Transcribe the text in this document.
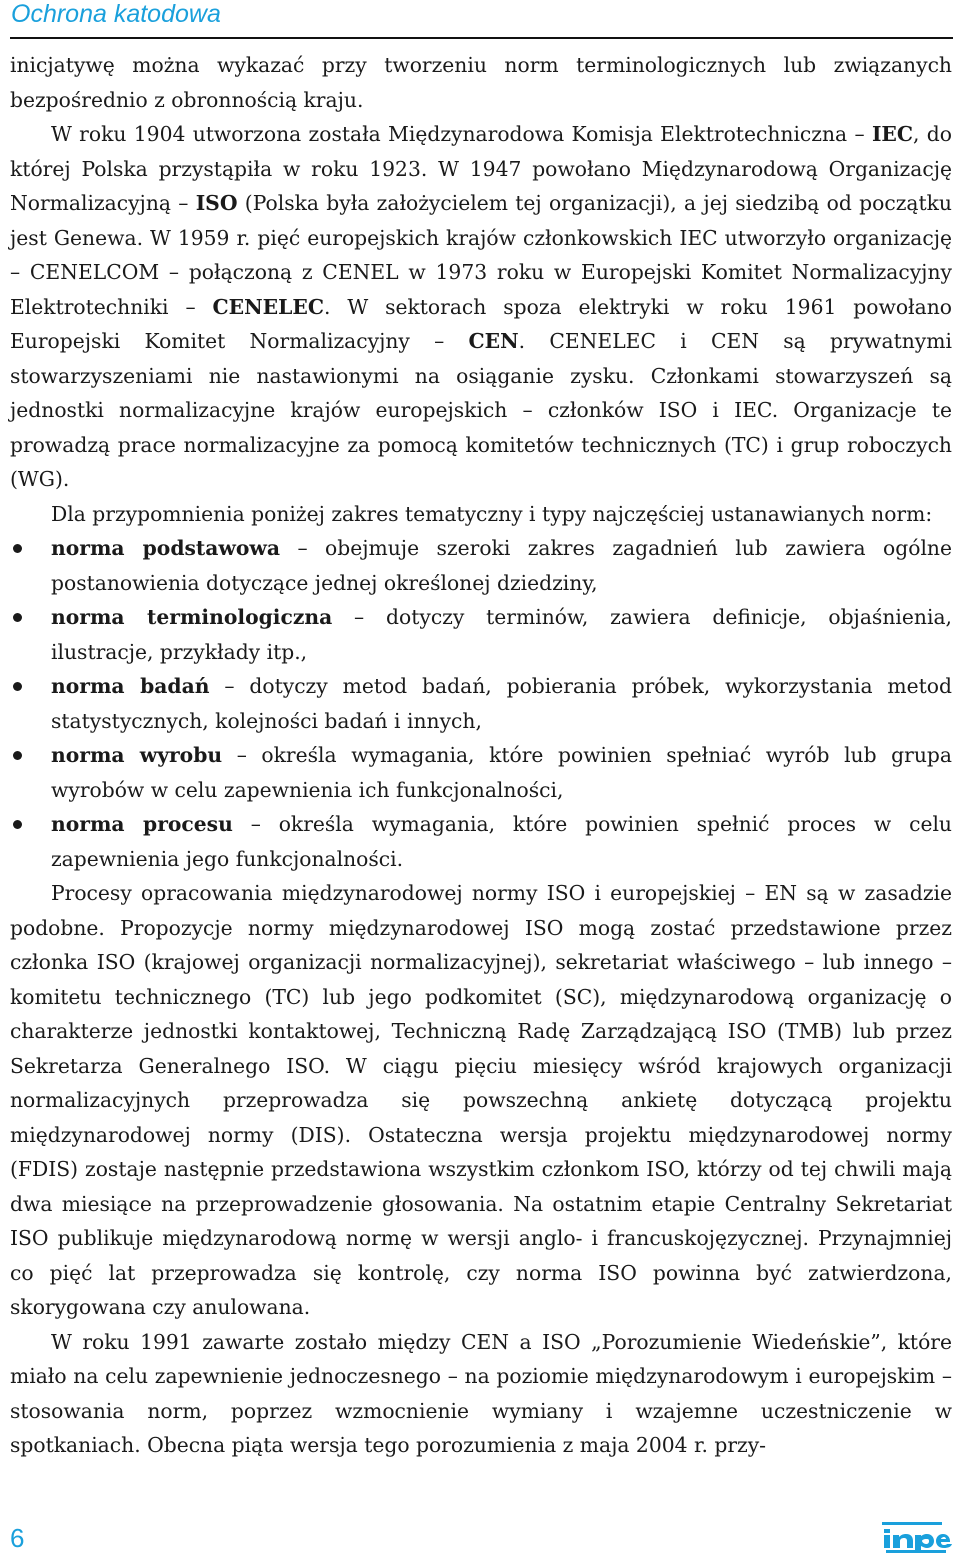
Ochrona katodowa

inicjatywę można wykazać przy tworzeniu norm terminologicznych lub związanych bezpośrednio z obronnością kraju.

W roku 1904 utworzona została Międzynarodowa Komisja Elektrotechniczna – IEC, do której Polska przystąpiła w roku 1923. W 1947 powołano Międzynarodową Organizację Normalizacyjną – ISO (Polska była założycielem tej organizacji), a jej siedzibą od początku jest Genewa. W 1959 r. pięć europejskich krajów członkowskich IEC utworzyło organizację – CENELCOM – połączoną z CENEL w 1973 roku w Europejski Komitet Normalizacyjny Elektrotechniki – CENELEC. W sektorach spoza elektryki w roku 1961 powołano Europejski Komitet Normalizacyjny – CEN. CENELEC i CEN są prywatnymi stowarzyszeniami nie nastawionymi na osiąganie zysku. Członkami stowarzyszeń są jednostki normalizacyjne krajów europejskich – członków ISO i IEC. Organizacje te prowadzą prace normalizacyjne za pomocą komitetów technicznych (TC) i grup roboczych (WG).

Dla przypomnienia poniżej zakres tematyczny i typy najczęściej ustanawianych norm:

norma podstawowa – obejmuje szeroki zakres zagadnień lub zawiera ogólne postanowienia dotyczące jednej określonej dziedziny,
norma terminologiczna – dotyczy terminów, zawiera definicje, objaśnienia, ilustracje, przykłady itp.,
norma badań – dotyczy metod badań, pobierania próbek, wykorzystania metod statystycznych, kolejności badań i innych,
norma wyrobu – określa wymagania, które powinien spełniać wyrób lub grupa wyrobów w celu zapewnienia ich funkcjonalności,
norma procesu – określa wymagania, które powinien spełnić proces w celu zapewnienia jego funkcjonalności.

Procesy opracowania międzynarodowej normy ISO i europejskiej – EN są w zasadzie podobne. Propozycje normy międzynarodowej ISO mogą zostać przedstawione przez członka ISO (krajowej organizacji normalizacyjnej), sekretariat właściwego – lub innego – komitetu technicznego (TC) lub jego podkomitet (SC), międzynarodową organizację o charakterze jednostki kontaktowej, Techniczną Radę Zarządzającą ISO (TMB) lub przez Sekretarza Generalnego ISO. W ciągu pięciu miesięcy wśród krajowych organizacji normalizacyjnych przeprowadza się powszechną ankietę dotyczącą projektu międzynarodowej normy (DIS). Ostateczna wersja projektu międzynarodowej normy (FDIS) zostaje następnie przedstawiona wszystkim członkom ISO, którzy od tej chwili mają dwa miesiące na przeprowadzenie głosowania. Na ostatnim etapie Centralny Sekretariat ISO publikuje międzynarodową normę w wersji anglo- i francuskojęzycznej. Przynajmniej co pięć lat przeprowadza się kontrolę, czy norma ISO powinna być zatwierdzona, skorygowana czy anulowana.

W roku 1991 zawarte zostało między CEN a ISO „Porozumienie Wiedeńskie”, które miało na celu zapewnienie jednoczesnego – na poziomie międzynarodowym i europejskim – stosowania norm, poprzez wzmocnienie wymiany i wzajemne uczestniczenie w spotkaniach. Obecna piąta wersja tego porozumienia z maja 2004 r. przy-

6
